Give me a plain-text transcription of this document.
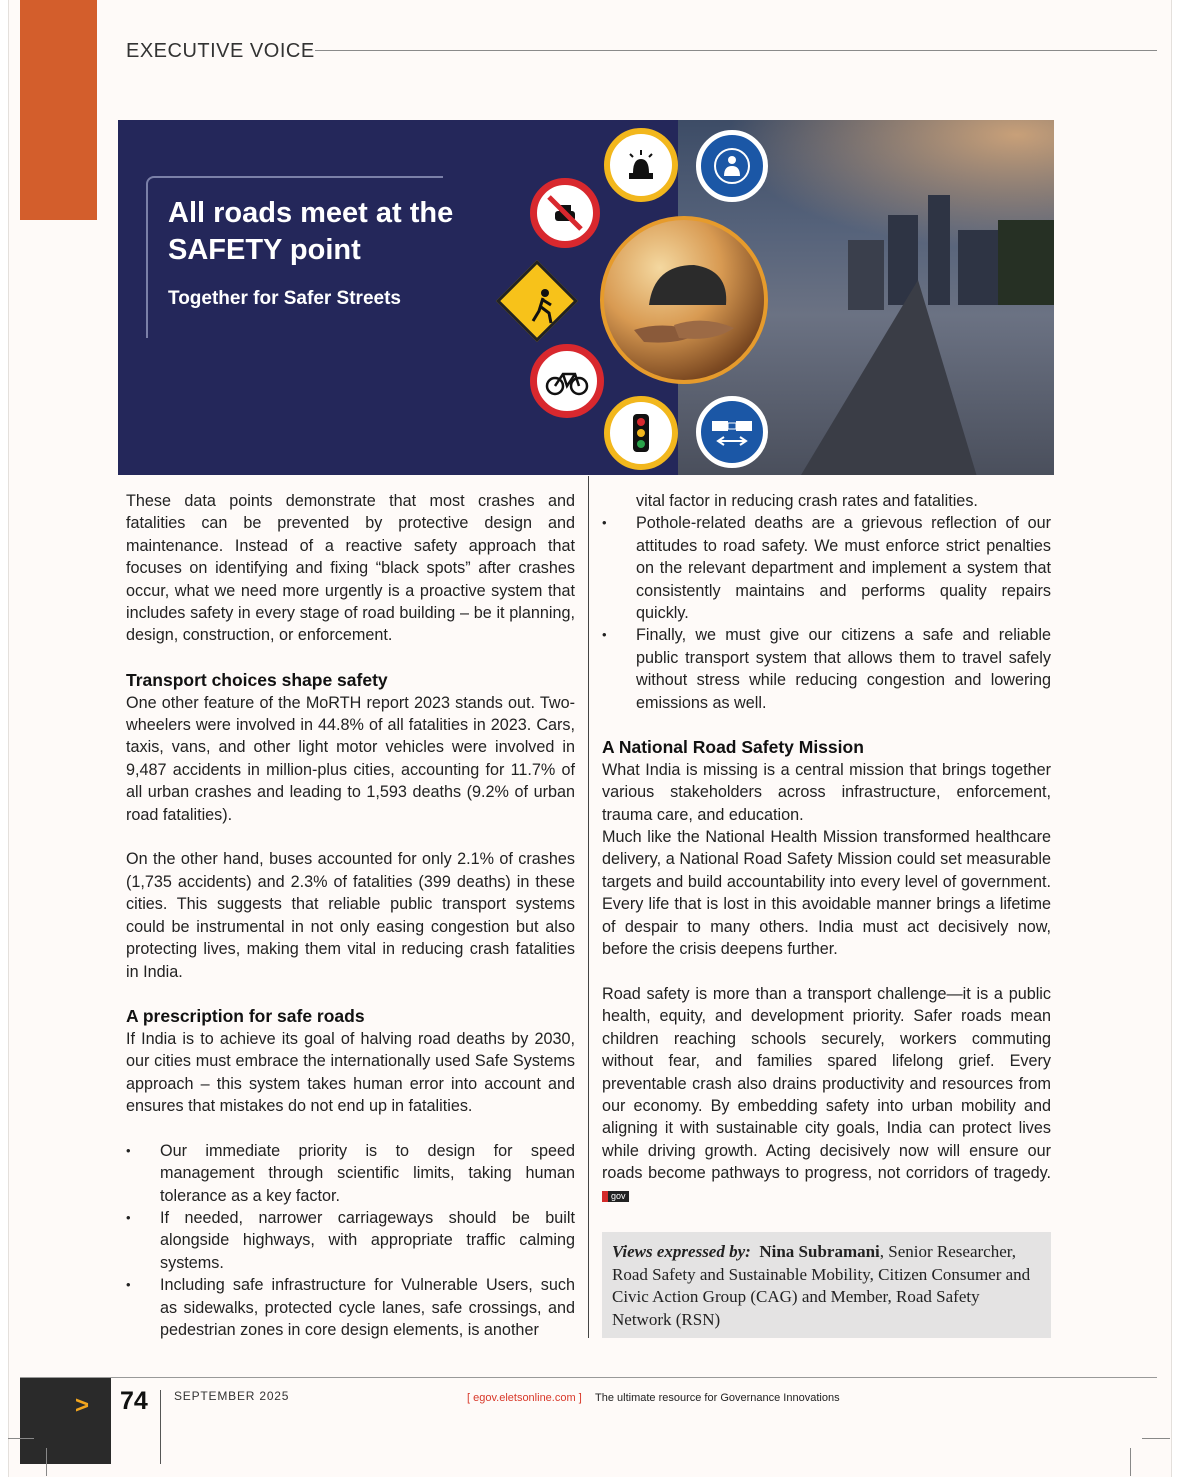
EXECUTIVE VOICE
All roads meet at the
SAFETY point
Together for Safer Streets

These data points demonstrate that most crashes and fatalities can be prevented by protective design and maintenance. Instead of a reactive safety approach that focuses on identifying and fixing “black spots” after crashes occur, what we need more urgently is a proactive system that includes safety in every stage of road building – be it planning, design, construction, or enforcement.

Transport choices shape safety

One other feature of the MoRTH report 2023 stands out. Two-wheelers were involved in 44.8% of all fatalities in 2023. Cars, taxis, vans, and other light motor vehicles were involved in 9,487 accidents in million-plus cities, accounting for 11.7% of all urban crashes and leading to 1,593 deaths (9.2% of urban road fatalities).

On the other hand, buses accounted for only 2.1% of crashes (1,735 accidents) and 2.3% of fatalities (399 deaths) in these cities. This suggests that reliable public transport systems could be instrumental in not only easing congestion but also protecting lives, making them vital in reducing crash fatalities in India.

A prescription for safe roads

If India is to achieve its goal of halving road deaths by 2030, our cities must embrace the internationally used Safe Systems approach – this system takes human error into account and ensures that mistakes do not end up in fatalities.

• Our immediate priority is to design for speed management through scientific limits, taking human tolerance as a key factor.
• If needed, narrower carriageways should be built alongside highways, with appropriate traffic calming systems.
• Including safe infrastructure for Vulnerable Users, such as sidewalks, protected cycle lanes, safe crossings, and pedestrian zones in core design elements, is another

vital factor in reducing crash rates and fatalities.

• Pothole-related deaths are a grievous reflection of our attitudes to road safety. We must enforce strict penalties on the relevant department and implement a system that consistently maintains and performs quality repairs quickly.
• Finally, we must give our citizens a safe and reliable public transport system that allows them to travel safely without stress while reducing congestion and lowering emissions as well.
A National Road Safety Mission

What India is missing is a central mission that brings together various stakeholders across infrastructure, enforcement, trauma care, and education.

Much like the National Health Mission transformed healthcare delivery, a National Road Safety Mission could set measurable targets and build accountability into every level of government. Every life that is lost in this avoidable manner brings a lifetime of despair to many others. India must act decisively now, before the crisis deepens further.

Road safety is more than a transport challenge—it is a public health, equity, and development priority. Safer roads mean children reaching schools securely, workers commuting without fear, and families spared lifelong grief. Every preventable crash also drains productivity and resources from our economy. By embedding safety into urban mobility and aligning it with sustainable city goals, India can protect lives while driving growth. Acting decisively now will ensure our roads become pathways to progress, not corridors of tragedy. gov

Views expressed by: Nina Subramani, Senior Researcher, Road Safety and Sustainable Mobility, Citizen Consumer and Civic Action Group (CAG) and Member, Road Safety Network (RSN)
> 74 SEPTEMBER 2025	[ egov.eletsonline.com ] The ultimate resource for Governance Innovations
